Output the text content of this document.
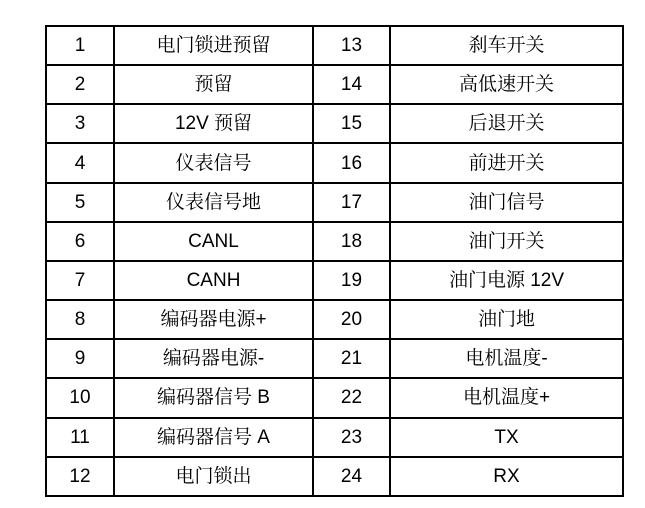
1	电门锁进预留	13	刹车开关
2	预留	14	高低速开关
3	12V 预留	15	后退开关
4	仪表信号	16	前进开关
5	仪表信号地	17	油门信号
6	CANL	18	油门开关
7	CANH	19	油门电源 12V
8	编码器电源+	20	油门地
9	编码器电源-	21	电机温度-
10	编码器信号 B	22	电机温度+
11	编码器信号 A	23	TX
12	电门锁出	24	RX
